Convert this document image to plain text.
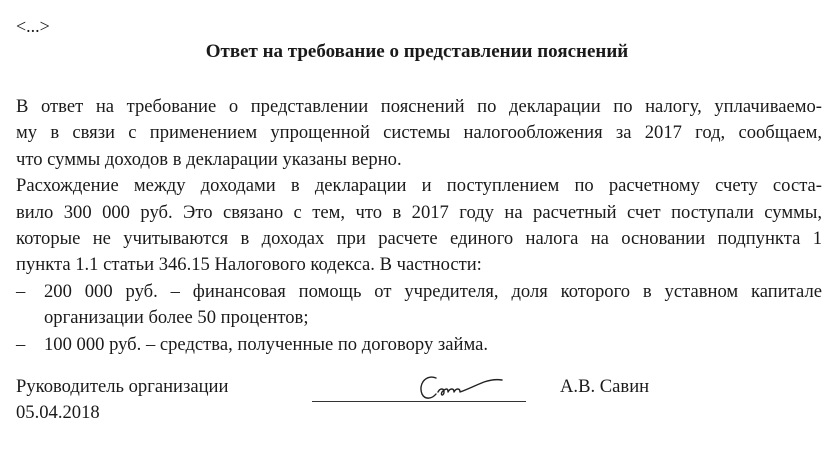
<...>
Ответ на требование о представлении пояснений
В ответ на требование о представлении пояснений по декларации по налогу, уплачиваемо-
му в связи с применением упрощенной системы налогообложения за 2017 год, сообщаем,
что суммы доходов в декларации указаны верно.
Расхождение между доходами в декларации и поступлением по расчетному счету соста-
вило 300 000 руб. Это связано с тем, что в 2017 году на расчетный счет поступали суммы,
которые не учитываются в доходах при расчете единого налога на основании подпункта 1
пункта 1.1 статьи 346.15 Налогового кодекса. В частности:
– 200 000 руб. – финансовая помощь от учредителя, доля которого в уставном капитале
организации более 50 процентов;
– 100 000 руб. – средства, полученные по договору займа.
Руководитель организации
05.04.2018
А.В. Савин
